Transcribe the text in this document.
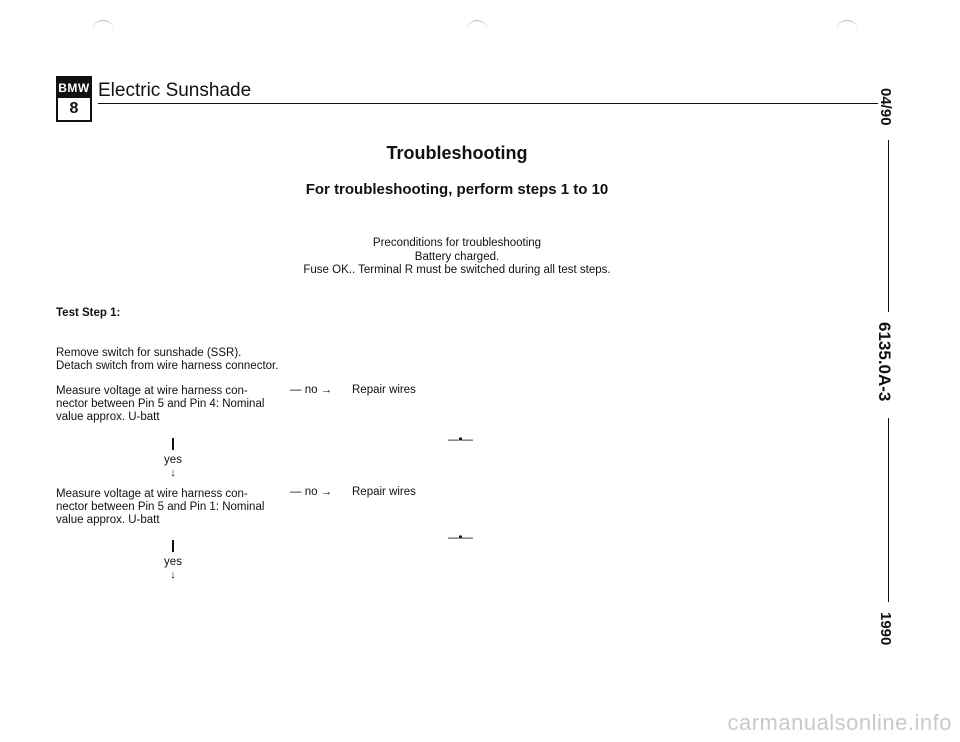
BMW
8
Electric Sunshade
Troubleshooting
For troubleshooting, perform steps 1 to 10
Preconditions for troubleshooting
Battery charged.
Fuse OK.. Terminal R must be switched during all test steps.
Test Step 1:
Remove switch for sunshade (SSR).
Detach switch from wire harness connector.
Measure voltage at wire harness con-
nector between Pin 5 and Pin 4: Nominal
value approx. U-batt
— no → Repair wires
—•—
yes
↓
Measure voltage at wire harness con-
nector between Pin 5 and Pin 1: Nominal
value approx. U-batt
— no → Repair wires
—•—
yes
↓
04/90
6135.0A-3
1990
carmanualsonline.info
